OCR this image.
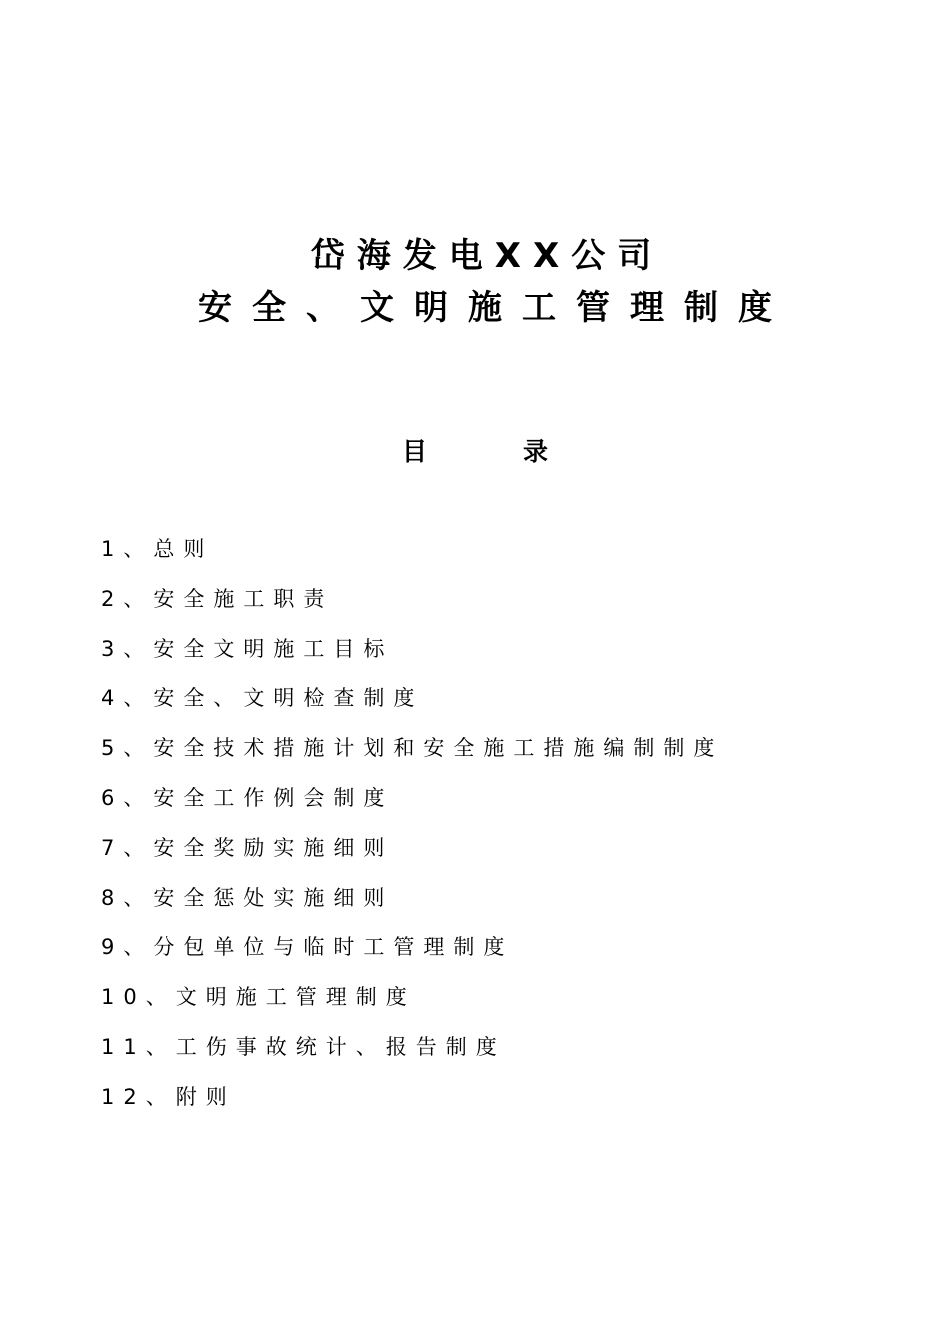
岱海发电XX公司
安全、文明施工管理制度
目	录
1、总则
2、安全施工职责
3、安全文明施工目标
4、安全、文明检查制度
5、安全技术措施计划和安全施工措施编制制度
6、安全工作例会制度
7、安全奖励实施细则
8、安全惩处实施细则
9、分包单位与临时工管理制度
10、文明施工管理制度
11、工伤事故统计、报告制度
12、附则
